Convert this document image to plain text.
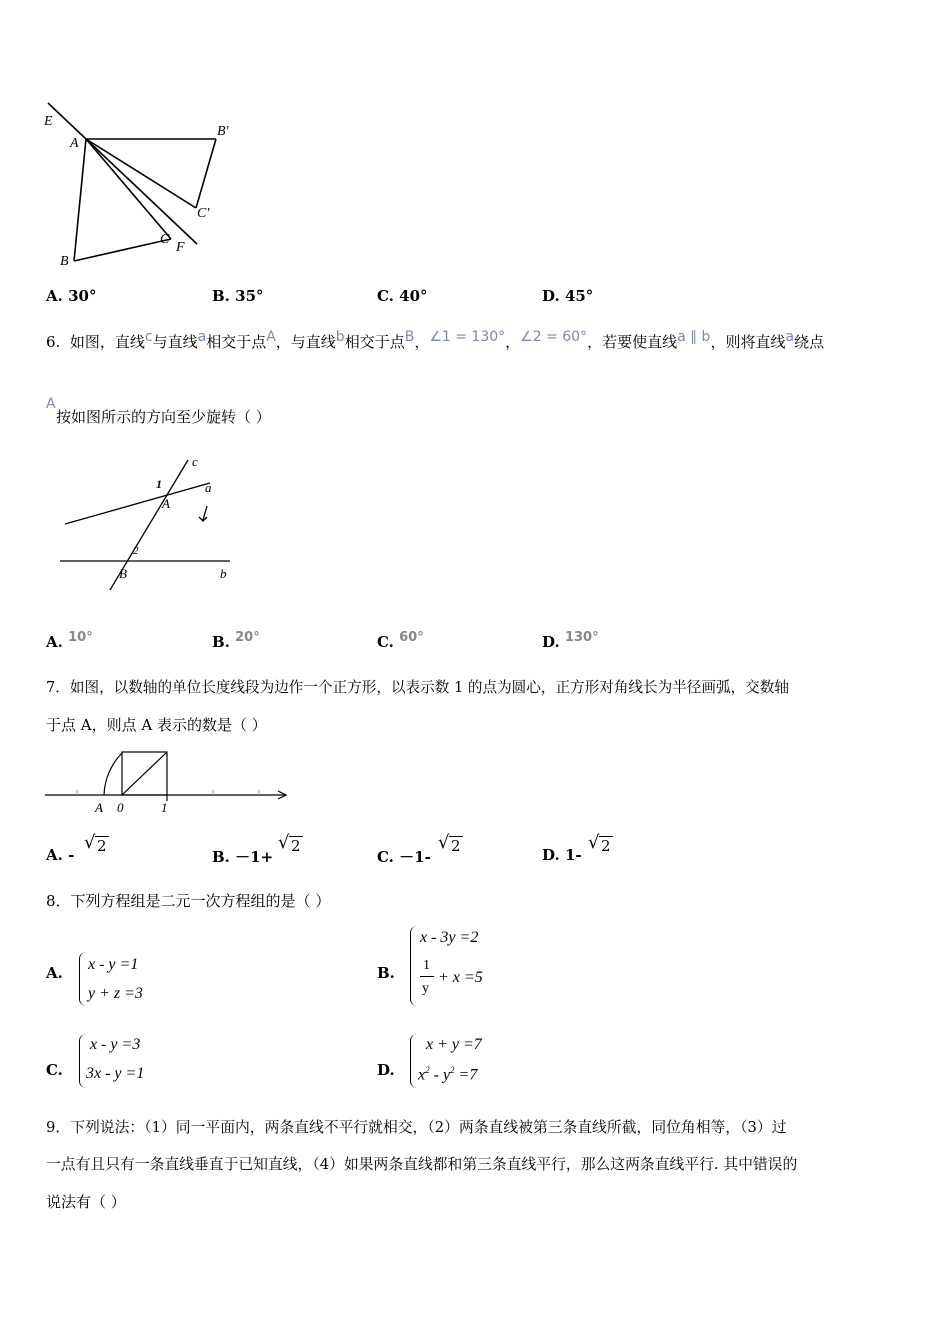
E
A
B'
C'
C
F
B
A. 30°	B. 35°	C. 40°	D. 45°
6. 如图，直线$^c$与直线$^a$相交于点$^A$，与直线$^b$相交于点$^B$，$^{\angle 1 = 130^\circ}$，$^{\angle 2 = 60^\circ}$，若要使直线$^{a \parallel b}$，则将直线$^a$绕点
A
按如图所示的方向至少旋转（ ）
c
1
A
a
2
B	b
A. $^{10^\circ}$	B. $^{20^\circ}$	C. $^{60^\circ}$	D. $^{130^\circ}$
7．如图，以数轴的单位长度线段为边作一个正方形，以表示数 1 的点为圆心，正方形对角线长为半径画弧，交数轴
于点 A，则点 A 表示的数是（ ）
A 0	1
A. -
√ 2
B. －1+
√ 2
C. －1-
√ 2	D. 1-
√ 2
8．下列方程组是二元一次方程组的是（ ）
A. x - y =1
y + z =3
B.
x - 3y =2
1
y
+ x =5
C.
x - y =3
3x - y =1	D.
x + y =7
$x^2 - y^2 =7$
9．下列说法：（1）同一平面内，两条直线不平行就相交，（2）两条直线被第三条直线所截，同位角相等，（3）过
一点有且只有一条直线垂直于已知直线，（4）如果两条直线都和第三条直线平行，那么这两条直线平行. 其中错误的
说法有（ ）
